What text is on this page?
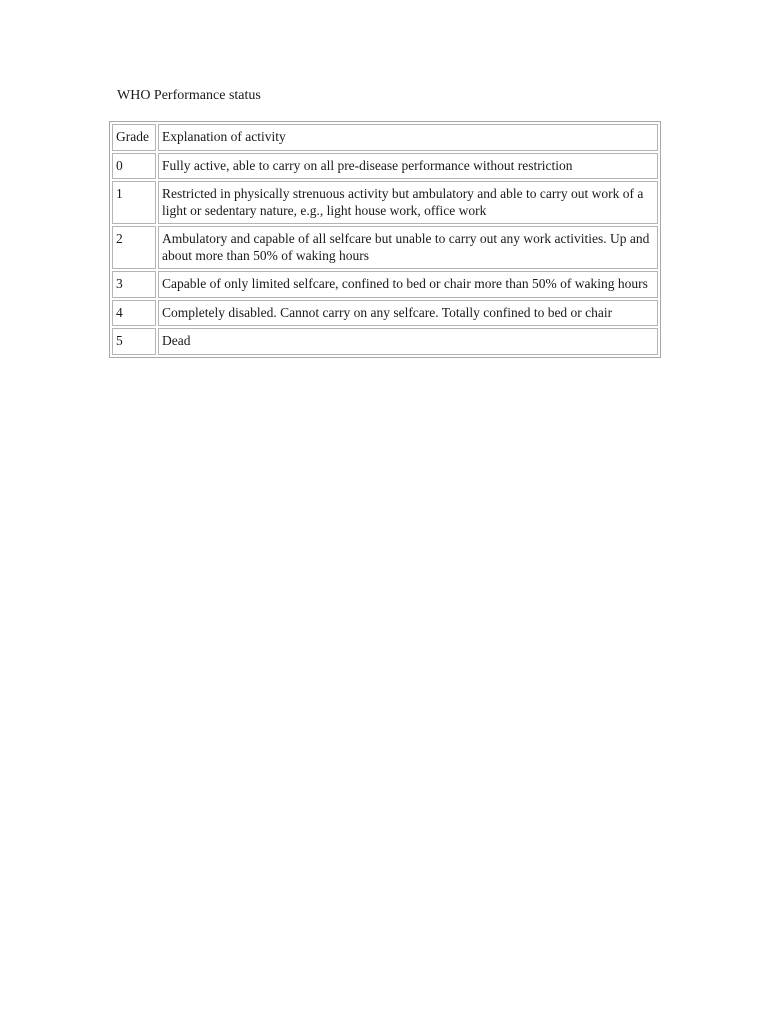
WHO Performance status
Grade	Explanation of activity
0	Fully active, able to carry on all pre-disease performance without restriction
1	Restricted in physically strenuous activity but ambulatory and able to carry out work of a light or sedentary nature, e.g., light house work, office work
2	Ambulatory and capable of all selfcare but unable to carry out any work activities. Up and about more than 50% of waking hours
3	Capable of only limited selfcare, confined to bed or chair more than 50% of waking hours
4	Completely disabled. Cannot carry on any selfcare. Totally confined to bed or chair
5	Dead
